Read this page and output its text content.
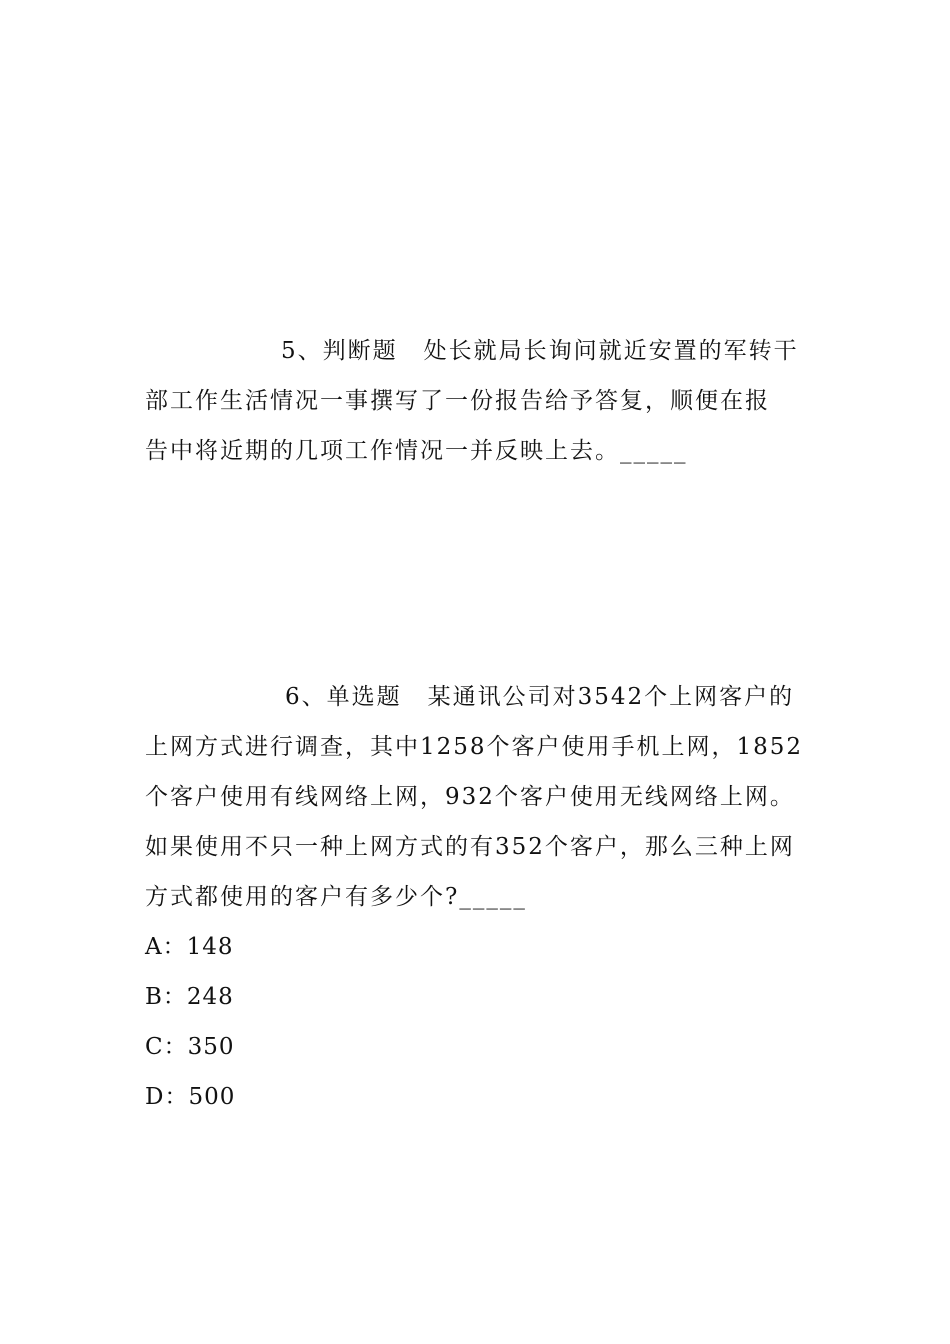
5、判断题 处长就局长询问就近安置的军转干
部工作生活情况一事撰写了一份报告给予答复，顺便在报
告中将近期的几项工作情况一并反映上去。_____
6、单选题 某通讯公司对3542个上网客户的
上网方式进行调查，其中1258个客户使用手机上网，1852
个客户使用有线网络上网，932个客户使用无线网络上网。
如果使用不只一种上网方式的有352个客户，那么三种上网
方式都使用的客户有多少个?_____
A：148
B：248
C：350
D：500
